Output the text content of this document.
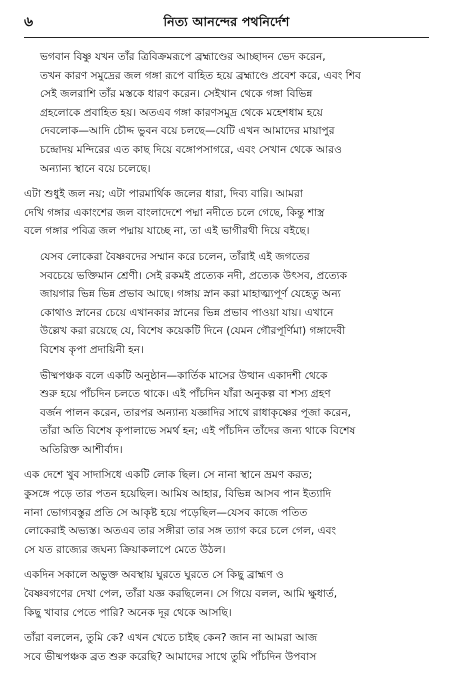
৬	নিত্য আনন্দের পথনির্দেশ

ভগবান বিষ্ণু যখন তাঁর ত্রিবিক্রমরূপে ব্রহ্মাণ্ডের আচ্ছাদন ভেদ করেন,
তখন কারণ সমুদ্রের জল গঙ্গা রূপে বাহিত হয়ে ব্রহ্মাণ্ডে প্রবেশ করে, এবং শিব
সেই জলরাশি তাঁর মস্তকে ধারণ করেন। সেইখান থেকে গঙ্গা বিভিন্ন
গ্রহলোকে প্রবাহিত হয়। অতএব গঙ্গা কারণসমুদ্র থেকে মহেশধাম হয়ে
দেবলোক—আদি চৌদ্দ ভুবন বয়ে চলছে—যেটি এখন আমাদের মায়াপুর
চন্দ্রোদয় মন্দিরের এত কাছ দিয়ে বঙ্গোপসাগরে, এবং সেখান থেকে আরও
অন্যান্য স্থানে বয়ে চলেছে।

এটা শুধুই জল নয়; এটা পারমার্থিক জলের ধারা, দিব্য বারি। আমরা
দেখি গঙ্গার একাংশের জল বাংলাদেশে পদ্মা নদীতে চলে গেছে, কিন্তু শাস্ত্র
বলে গঙ্গার পবিত্র জল পদ্মায় যাচ্ছে না, তা এই ভাগীরথী দিয়ে বইছে।

যেসব লোকেরা বৈষ্ণবদের সম্মান করে চলেন, তাঁরাই এই জগতের
সবচেয়ে ভক্তিমান শ্রেণী। সেই রকমই প্রত্যেক নদী, প্রত্যেক উৎসব, প্রত্যেক
জায়গার ভিন্ন ভিন্ন প্রভাব আছে। গঙ্গায় স্নান করা মাহাত্ম্যপূর্ণ যেহেতু অন্য
কোথাও স্নানের চেয়ে এখানকার স্নানের ভিন্ন প্রভাব পাওয়া যায়। এখানে
উল্লেখ করা রয়েছে যে, বিশেষ কয়েকটি দিনে (যেমন গৌরপূর্ণিমা) গঙ্গাদেবী
বিশেষ কৃপা প্রদায়িনী হন।

ভীষ্মপঞ্চক বলে একটি অনুষ্ঠান—কার্তিক মাসের উত্থান একাদশী থেকে
শুরু হয়ে পাঁচদিন চলতে থাকে। এই পাঁচদিন যাঁরা অনুকল্প বা শস্য গ্রহণ
বর্জন পালন করেন, তারপর অন্যান্য যজ্ঞাদির সাথে রাধাকৃষ্ণের পূজা করেন,
তাঁরা অতি বিশেষ কৃপালাভে সমর্থ হন; এই পাঁচদিন তাঁদের জন্য থাকে বিশেষ
অতিরিক্ত আশীর্বাদ।

এক দেশে খুব সাদাসিধে একটি লোক ছিল। সে নানা স্থানে ভ্রমণ করত;
কুসঙ্গে পড়ে তার পতন হয়েছিল। আমিষ আহার, বিভিন্ন আসব পান ইত্যাদি
নানা ভোগ্যবস্তুর প্রতি সে আকৃষ্ট হয়ে পড়েছিল—যেসব কাজে পতিত
লোকেরাই অভ্যস্ত। অতএব তার সঙ্গীরা তার সঙ্গ ত্যাগ করে চলে গেল, এবং
সে যত রাজ্যের জঘন্য ক্রিয়াকলাপে মেতে উঠল।

একদিন সকালে অভুক্ত অবস্থায় ঘুরতে ঘুরতে সে কিছু ব্রাহ্মণ ও
বৈষ্ণবগণের দেখা পেল, তাঁরা যজ্ঞ করছিলেন। সে গিয়ে বলল, আমি ক্ষুধার্ত,
কিছু খাবার পেতে পারি? অনেক দূর থেকে আসছি।

তাঁরা বললেন, তুমি কে? এখন খেতে চাইছ কেন? জান না আমরা আজ
সবে ভীষ্মপঞ্চক ব্রত শুরু করেছি? আমাদের সাথে তুমি পাঁচদিন উপবাস
